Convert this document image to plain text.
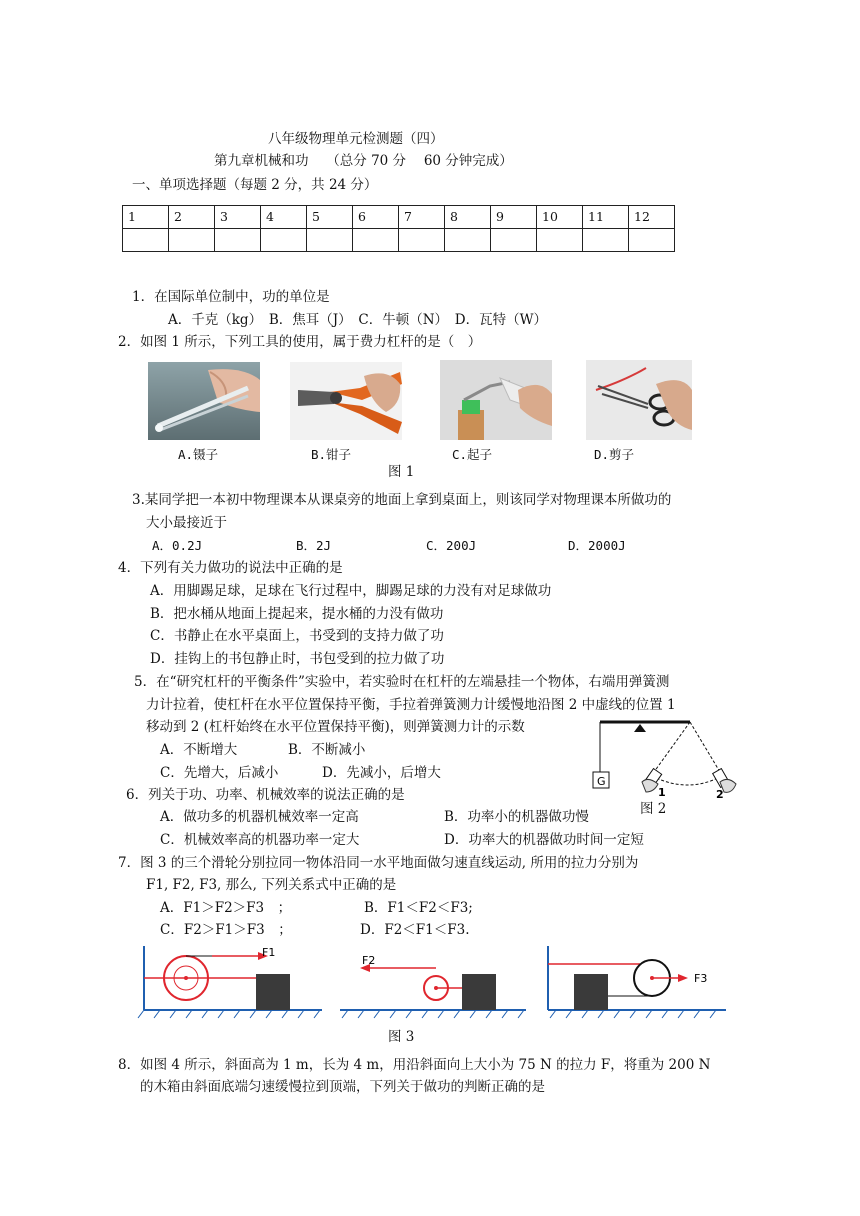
八年级物理单元检测题（四）
第九章机械和功　 （总分 70 分　 60 分钟完成）
一、单项选择题（每题 2 分，共 24 分）
1	2	3	4	5	6	7	8	9	10	11	12

1．在国际单位制中，功的单位是
A．千克（kg）　B．焦耳（J）　C．牛顿（N）　D．瓦特（W）
2．如图 1 所示，下列工具的使用，属于费力杠杆的是（　）
A.镊子	B.钳子	C.起子	D.剪子
图 1
3.某同学把一本初中物理课本从课桌旁的地面上拿到桌面上，则该同学对物理课本所做功的
大小最接近于
A．0.2J	B．2J	C．200J	D．2000J
4．下列有关力做功的说法中正确的是
A．用脚踢足球，足球在飞行过程中，脚踢足球的力没有对足球做功
B．把水桶从地面上提起来，提水桶的力没有做功
C．书静止在水平桌面上，书受到的支持力做了功
D．挂钩上的书包静止时，书包受到的拉力做了功
5．在“研究杠杆的平衡条件”实验中，若实验时在杠杆的左端悬挂一个物体，右端用弹簧测
力计拉着，使杠杆在水平位置保持平衡，手拉着弹簧测力计缓慢地沿图 2 中虚线的位置 1
移动到 2 (杠杆始终在水平位置保持平衡)，则弹簧测力计的示数
A．不断增大	B．不断减小
C．先增大，后减小	D．先减小，后增大
G
1	2
图 2
6．列关于功、功率、机械效率的说法正确的是
A．做功多的机器机械效率一定高	B．功率小的机器做功慢
C．机械效率高的机器功率一定大	D．功率大的机器做功时间一定短
7．图 3 的三个滑轮分别拉同一物体沿同一水平地面做匀速直线运动, 所用的拉力分别为
F1, F2, F3, 那么, 下列关系式中正确的是
A．F1＞F2＞F3　；	B．F1＜F2＜F3;
C．F2＞F1＞F3　；	D．F2＜F1＜F3.
F1
F2
F3
图 3
8．如图 4 所示，斜面高为 1 m，长为 4 m，用沿斜面向上大小为 75 N 的拉力 F，将重为 200 N
的木箱由斜面底端匀速缓慢拉到顶端，下列关于做功的判断正确的是
